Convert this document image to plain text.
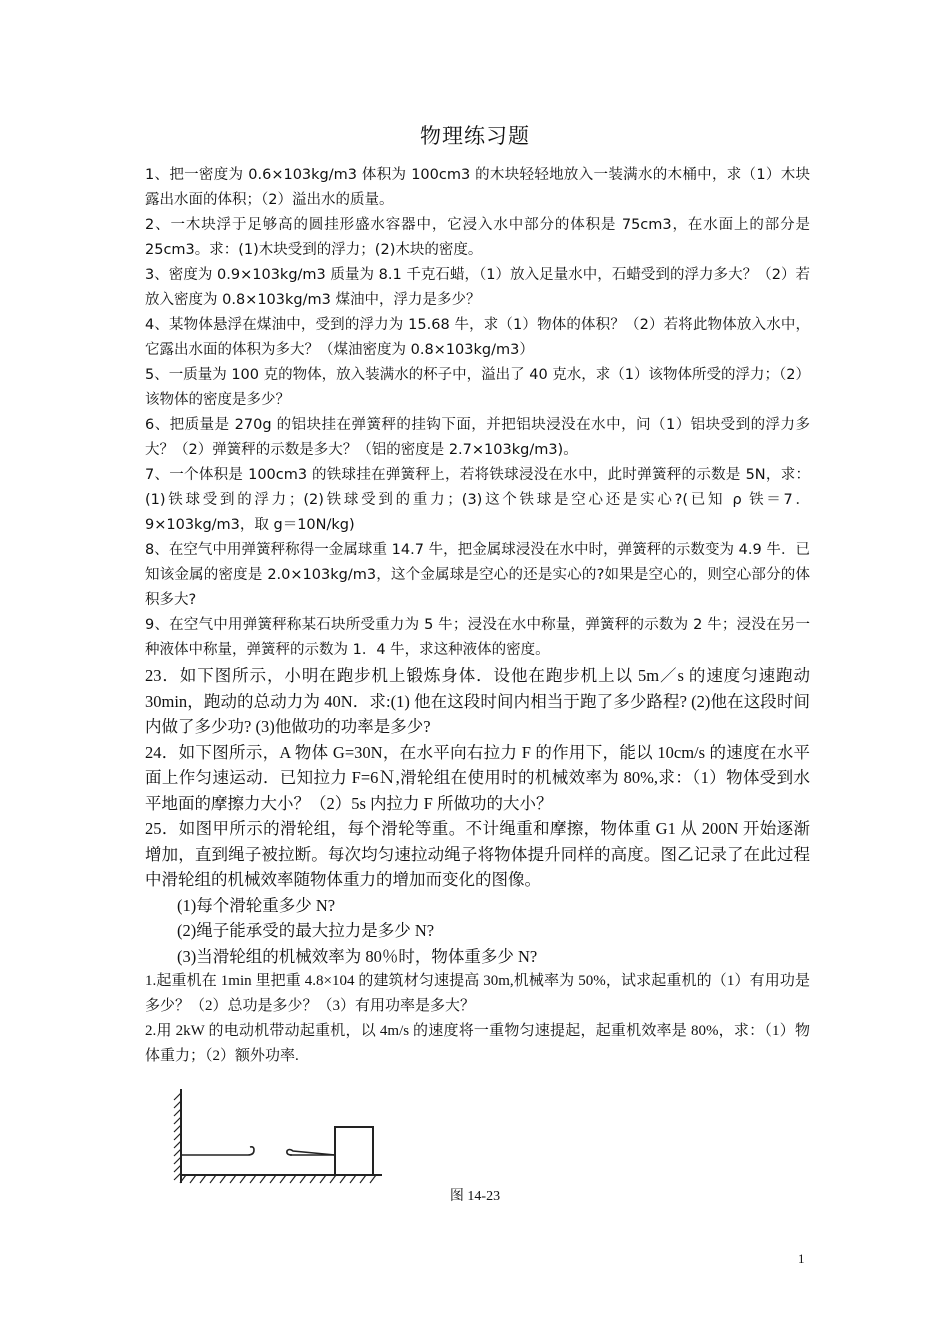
物理练习题

1、把一密度为 0.6×103kg/m3 体积为 100cm3 的木块轻轻地放入一装满水的木桶中，求（1）木块露出水面的体积；（2）溢出水的质量。

2、一木块浮于足够高的圆挂形盛水容器中，它浸入水中部分的体积是 75cm3，在水面上的部分是 25cm3。求：(1)木块受到的浮力；(2)木块的密度。

3、密度为 0.9×103kg/m3 质量为 8.1 千克石蜡，（1）放入足量水中，石蜡受到的浮力多大？（2）若放入密度为 0.8×103kg/m3 煤油中，浮力是多少？

4、某物体悬浮在煤油中，受到的浮力为 15.68 牛，求（1）物体的体积？（2）若将此物体放入水中，它露出水面的体积为多大？（煤油密度为 0.8×103kg/m3）

5、一质量为 100 克的物体，放入装满水的杯子中，溢出了 40 克水，求（1）该物体所受的浮力；（2）该物体的密度是多少？

6、把质量是 270g 的铝块挂在弹簧秤的挂钩下面，并把铝块浸没在水中，问（1）铝块受到的浮力多大？（2）弹簧秤的示数是多大？（铝的密度是 2.7×103kg/m3)。

7、一个体积是 100cm3 的铁球挂在弹簧秤上，若将铁球浸没在水中，此时弹簧秤的示数是 5N，求：(1)铁球受到的浮力；(2)铁球受到的重力；(3)这个铁球是空心还是实心?(已知 ρ 铁＝7．9×103kg/m3，取 g＝10N/kg)

8、在空气中用弹簧秤称得一金属球重 14.7 牛，把金属球浸没在水中时，弹簧秤的示数变为 4.9 牛．已知该金属的密度是 2.0×103kg/m3，这个金属球是空心的还是实心的?如果是空心的，则空心部分的体积多大?

9、在空气中用弹簧秤称某石块所受重力为 5 牛；浸没在水中称量，弹簧秤的示数为 2 牛；浸没在另一种液体中称量，弹簧秤的示数为 1．4 牛，求这种液体的密度。

23．如下图所示，小明在跑步机上锻炼身体．设他在跑步机上以 5m／s 的速度匀速跑动 30min，跑动的总动力为 40N．求:(1) 他在这段时间内相当于跑了多少路程? (2)他在这段时间内做了多少功? (3)他做功的功率是多少?

24．如下图所示，A 物体 G=30N，在水平向右拉力 F 的作用下，能以 10cm/s 的速度在水平面上作匀速运动．已知拉力 F=6Ｎ,滑轮组在使用时的机械效率为 80%,求：（1）物体受到水平地面的摩擦力大小？（2）5s 内拉力 F 所做功的大小？

25．如图甲所示的滑轮组，每个滑轮等重。不计绳重和摩擦，物体重 G1 从 200N 开始逐渐增加，直到绳子被拉断。每次均匀速拉动绳子将物体提升同样的高度。图乙记录了在此过程中滑轮组的机械效率随物体重力的增加而变化的图像。

(1)每个滑轮重多少 N?

(2)绳子能承受的最大拉力是多少 N?

(3)当滑轮组的机械效率为 80％时，物体重多少 N?

1.起重机在 1min 里把重 4.8×104 的建筑材匀速提高 30m,机械率为 50%，试求起重机的（1）有用功是多少？（2）总功是多少？（3）有用功率是多大？

2.用 2kW 的电动机带动起重机，以 4m/s 的速度将一重物匀速提起，起重机效率是 80%，求：（1）物体重力；（2）额外功率.

图 14-23
1
